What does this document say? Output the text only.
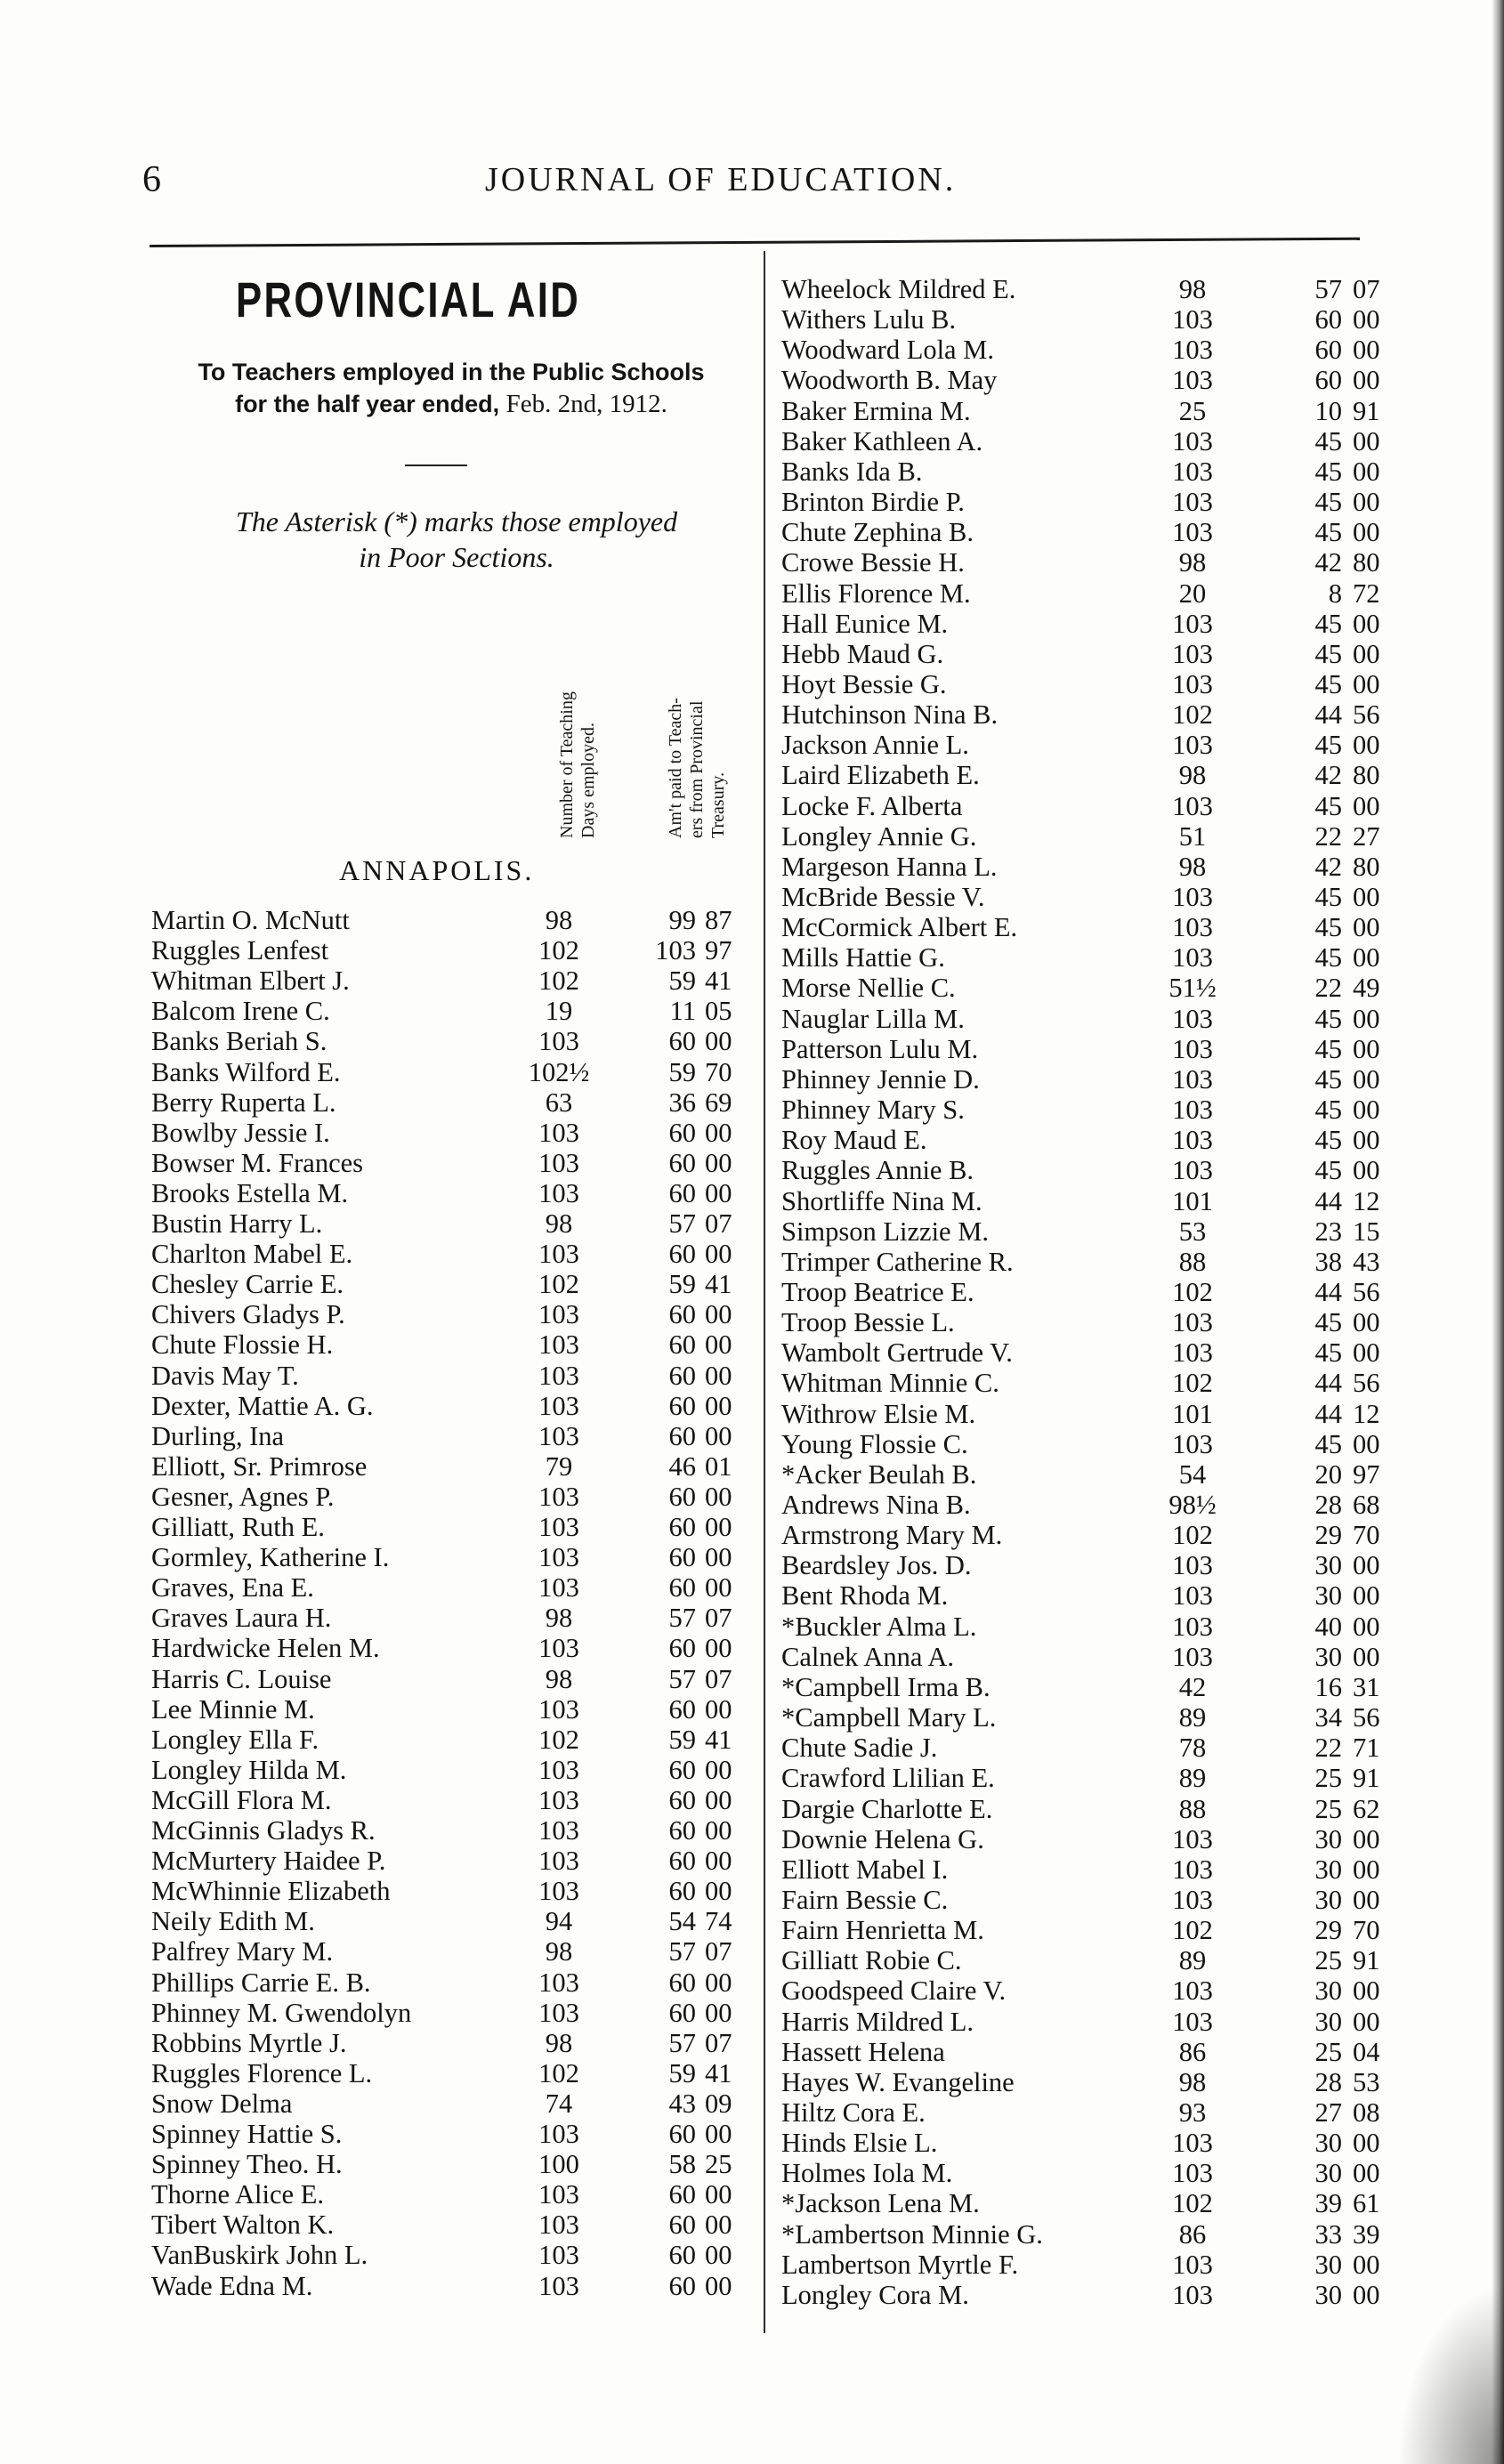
6	JOURNAL OF EDUCATION.
PROVINCIAL AID
To Teachers employed in the Public Schools
for the half year ended, Feb. 2nd, 1912.
The Asterisk (*) marks those employed
in Poor Sections.
Number of Teaching Days employed.	Am't paid to Teach- ers from Provincial Treasury.
ANNAPOLIS.
Martin O. McNutt	98	99 87
Ruggles Lenfest	102	103 97
Whitman Elbert J.	102	59 41
Balcom Irene C.	19	11 05
Banks Beriah S.	103	60 00
Banks Wilford E.	102½	59 70
Berry Ruperta L.	63	36 69
Bowlby Jessie I.	103	60 00
Bowser M. Frances	103	60 00
Brooks Estella M.	103	60 00
Bustin Harry L.	98	57 07
Charlton Mabel E.	103	60 00
Chesley Carrie E.	102	59 41
Chivers Gladys P.	103	60 00
Chute Flossie H.	103	60 00
Davis May T.	103	60 00
Dexter, Mattie A. G.	103	60 00
Durling, Ina	103	60 00
Elliott, Sr. Primrose	79	46 01
Gesner, Agnes P.	103	60 00
Gilliatt, Ruth E.	103	60 00
Gormley, Katherine I.	103	60 00
Graves, Ena E.	103	60 00
Graves Laura H.	98	57 07
Hardwicke Helen M.	103	60 00
Harris C. Louise	98	57 07
Lee Minnie M.	103	60 00
Longley Ella F.	102	59 41
Longley Hilda M.	103	60 00
McGill Flora M.	103	60 00
McGinnis Gladys R.	103	60 00
McMurtery Haidee P.	103	60 00
McWhinnie Elizabeth	103	60 00
Neily Edith M.	94	54 74
Palfrey Mary M.	98	57 07
Phillips Carrie E. B.	103	60 00
Phinney M. Gwendolyn	103	60 00
Robbins Myrtle J.	98	57 07
Ruggles Florence L.	102	59 41
Snow Delma	74	43 09
Spinney Hattie S.	103	60 00
Spinney Theo. H.	100	58 25
Thorne Alice E.	103	60 00
Tibert Walton K.	103	60 00
VanBuskirk John L.	103	60 00
Wade Edna M.	103	60 00
Wheelock Mildred E.	98	57 07
Withers Lulu B.	103	60 00
Woodward Lola M.	103	60 00
Woodworth B. May	103	60 00
Baker Ermina M.	25	10 91
Baker Kathleen A.	103	45 00
Banks Ida B.	103	45 00
Brinton Birdie P.	103	45 00
Chute Zephina B.	103	45 00
Crowe Bessie H.	98	42 80
Ellis Florence M.	20	8 72
Hall Eunice M.	103	45 00
Hebb Maud G.	103	45 00
Hoyt Bessie G.	103	45 00
Hutchinson Nina B.	102	44 56
Jackson Annie L.	103	45 00
Laird Elizabeth E.	98	42 80
Locke F. Alberta	103	45 00
Longley Annie G.	51	22 27
Margeson Hanna L.	98	42 80
McBride Bessie V.	103	45 00
McCormick Albert E.	103	45 00
Mills Hattie G.	103	45 00
Morse Nellie C.	51½	22 49
Nauglar Lilla M.	103	45 00
Patterson Lulu M.	103	45 00
Phinney Jennie D.	103	45 00
Phinney Mary S.	103	45 00
Roy Maud E.	103	45 00
Ruggles Annie B.	103	45 00
Shortliffe Nina M.	101	44 12
Simpson Lizzie M.	53	23 15
Trimper Catherine R.	88	38 43
Troop Beatrice E.	102	44 56
Troop Bessie L.	103	45 00
Wambolt Gertrude V.	103	45 00
Whitman Minnie C.	102	44 56
Withrow Elsie M.	101	44 12
Young Flossie C.	103	45 00
*Acker Beulah B.	54	20 97
Andrews Nina B.	98½	28 68
Armstrong Mary M.	102	29 70
Beardsley Jos. D.	103	30 00
Bent Rhoda M.	103	30 00
*Buckler Alma L.	103	40 00
Calnek Anna A.	103	30 00
*Campbell Irma B.	42	16 31
*Campbell Mary L.	89	34 56
Chute Sadie J.	78	22 71
Crawford Llilian E.	89	25 91
Dargie Charlotte E.	88	25 62
Downie Helena G.	103	30 00
Elliott Mabel I.	103	30 00
Fairn Bessie C.	103	30 00
Fairn Henrietta M.	102	29 70
Gilliatt Robie C.	89	25 91
Goodspeed Claire V.	103	30 00
Harris Mildred L.	103	30 00
Hassett Helena	86	25 04
Hayes W. Evangeline	98	28 53
Hiltz Cora E.	93	27 08
Hinds Elsie L.	103	30 00
Holmes Iola M.	103	30 00
*Jackson Lena M.	102	39 61
*Lambertson Minnie G.	86	33 39
Lambertson Myrtle F.	103	30 00
Longley Cora M.	103	30 00
